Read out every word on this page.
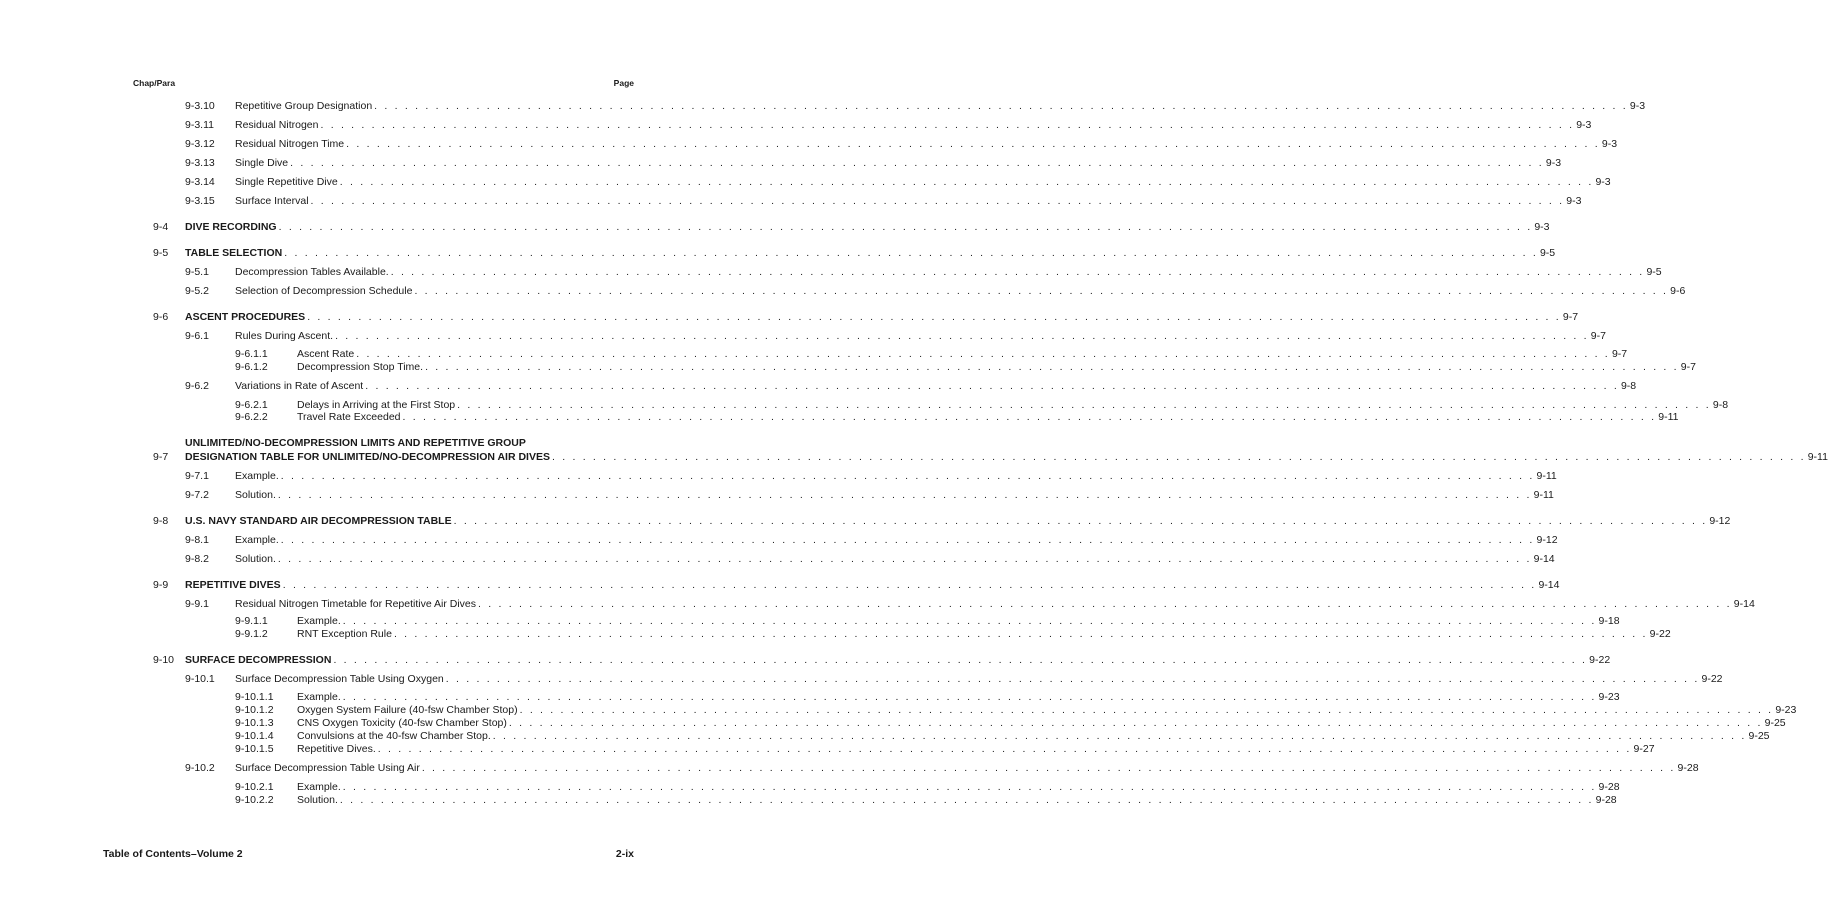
Chap/Para	Page
9-3.10 Repetitive Group Designation . . . . . . . . . . . . . . . . . . . . . . . . . . . . . . . . . . . . . . . . . . . . . . . . . . . . . . . . . . . . . . . . . . . . . . . . . . . . . . . . . . . . . . . . . . . . . . . . . . . . . . . . . . . . . . . . . . . . . . . . . . . 9-3
9-3.11 Residual Nitrogen . . . . . . . . . . . . . . . . . . . . . . . . . . . . . . . . . . . . . . . . . . . . . . . . . . . . . . . . . . . . . . . . . . . . . . . . . . . . . . . . . . . . . . . . . . . . . . . . . . . . . . . . . . . . . . . . . . . . . . . . . . . 9-3
9-3.12 Residual Nitrogen Time . . . . . . . . . . . . . . . . . . . . . . . . . . . . . . . . . . . . . . . . . . . . . . . . . . . . . . . . . . . . . . . . . . . . . . . . . . . . . . . . . . . . . . . . . . . . . . . . . . . . . . . . . . . . . . . . . . . . . . . . . . . 9-3
9-3.13 Single Dive . . . . . . . . . . . . . . . . . . . . . . . . . . . . . . . . . . . . . . . . . . . . . . . . . . . . . . . . . . . . . . . . . . . . . . . . . . . . . . . . . . . . . . . . . . . . . . . . . . . . . . . . . . . . . . . . . . . . . . . . . . . 9-3
9-3.14 Single Repetitive Dive . . . . . . . . . . . . . . . . . . . . . . . . . . . . . . . . . . . . . . . . . . . . . . . . . . . . . . . . . . . . . . . . . . . . . . . . . . . . . . . . . . . . . . . . . . . . . . . . . . . . . . . . . . . . . . . . . . . . . . . . . . . 9-3
9-3.15 Surface Interval . . . . . . . . . . . . . . . . . . . . . . . . . . . . . . . . . . . . . . . . . . . . . . . . . . . . . . . . . . . . . . . . . . . . . . . . . . . . . . . . . . . . . . . . . . . . . . . . . . . . . . . . . . . . . . . . . . . . . . . . . . . 9-3
9-4 DIVE RECORDING . . . . . . . . . . . . . . . . . . . . . . . . . . . . . . . . . . . . . . . . . . . . . . . . . . . . . . . . . . . . . . . . . . . . . . . . . . . . . . . . . . . . . . . . . . . . . . . . . . . . . . . . . . . . . . . . . . . . . . . . . . . 9-3
9-5 TABLE SELECTION . . . . . . . . . . . . . . . . . . . . . . . . . . . . . . . . . . . . . . . . . . . . . . . . . . . . . . . . . . . . . . . . . . . . . . . . . . . . . . . . . . . . . . . . . . . . . . . . . . . . . . . . . . . . . . . . . . . . . . . . . . . 9-5
9-5.1 Decompression Tables Available. . . . . . . . . . . . . . . . . . . . . . . . . . . . . . . . . . . . . . . . . . . . . . . . . . . . . . . . . . . . . . . . . . . . . . . . . . . . . . . . . . . . . . . . . . . . . . . . . . . . . . . . . . . . . . . . . . . . . . . . . . . . 9-5
9-5.2 Selection of Decompression Schedule . . . . . . . . . . . . . . . . . . . . . . . . . . . . . . . . . . . . . . . . . . . . . . . . . . . . . . . . . . . . . . . . . . . . . . . . . . . . . . . . . . . . . . . . . . . . . . . . . . . . . . . . . . . . . . . . . . . . . . . . . . . 9-6
9-6 ASCENT PROCEDURES . . . . . . . . . . . . . . . . . . . . . . . . . . . . . . . . . . . . . . . . . . . . . . . . . . . . . . . . . . . . . . . . . . . . . . . . . . . . . . . . . . . . . . . . . . . . . . . . . . . . . . . . . . . . . . . . . . . . . . . . . . . 9-7
9-6.1 Rules During Ascent. . . . . . . . . . . . . . . . . . . . . . . . . . . . . . . . . . . . . . . . . . . . . . . . . . . . . . . . . . . . . . . . . . . . . . . . . . . . . . . . . . . . . . . . . . . . . . . . . . . . . . . . . . . . . . . . . . . . . . . . . . . . 9-7
9-6.1.1	Ascent Rate . . . . . . . . . . . . . . . . . . . . . . . . . . . . . . . . . . . . . . . . . . . . . . . . . . . . . . . . . . . . . . . . . . . . . . . . . . . . . . . . . . . . . . . . . . . . . . . . . . . . . . . . . . . . . . . . . . . . . . . . . . . 9-7
9-6.1.2	Decompression Stop Time. . . . . . . . . . . . . . . . . . . . . . . . . . . . . . . . . . . . . . . . . . . . . . . . . . . . . . . . . . . . . . . . . . . . . . . . . . . . . . . . . . . . . . . . . . . . . . . . . . . . . . . . . . . . . . . . . . . . . . . . . . . . 9-7
9-6.2 Variations in Rate of Ascent . . . . . . . . . . . . . . . . . . . . . . . . . . . . . . . . . . . . . . . . . . . . . . . . . . . . . . . . . . . . . . . . . . . . . . . . . . . . . . . . . . . . . . . . . . . . . . . . . . . . . . . . . . . . . . . . . . . . . . . . . . . 9-8
9-6.2.1	Delays in Arriving at the First Stop . . . . . . . . . . . . . . . . . . . . . . . . . . . . . . . . . . . . . . . . . . . . . . . . . . . . . . . . . . . . . . . . . . . . . . . . . . . . . . . . . . . . . . . . . . . . . . . . . . . . . . . . . . . . . . . . . . . . . . . . . . . 9-8
9-6.2.2	Travel Rate Exceeded . . . . . . . . . . . . . . . . . . . . . . . . . . . . . . . . . . . . . . . . . . . . . . . . . . . . . . . . . . . . . . . . . . . . . . . . . . . . . . . . . . . . . . . . . . . . . . . . . . . . . . . . . . . . . . . . . . . . . . . . . . . 9-11
UNLIMITED/NO-DECOMPRESSION LIMITS AND REPETITIVE GROUP
9-7 DESIGNATION TABLE FOR UNLIMITED/NO-DECOMPRESSION AIR DIVES . . . . . . . . . . . . . . . . . . . . . . . . . . . . . . . . . . . . . . . . . . . . . . . . . . . . . . . . . . . . . . . . . . . . . . . . . . . . . . . . . . . . . . . . . . . . . . . . . . . . . . . . . . . . . . . . . . . . . . . . . . . 9-11
9-7.1 Example. . . . . . . . . . . . . . . . . . . . . . . . . . . . . . . . . . . . . . . . . . . . . . . . . . . . . . . . . . . . . . . . . . . . . . . . . . . . . . . . . . . . . . . . . . . . . . . . . . . . . . . . . . . . . . . . . . . . . . . . . . . . 9-11
9-7.2 Solution. . . . . . . . . . . . . . . . . . . . . . . . . . . . . . . . . . . . . . . . . . . . . . . . . . . . . . . . . . . . . . . . . . . . . . . . . . . . . . . . . . . . . . . . . . . . . . . . . . . . . . . . . . . . . . . . . . . . . . . . . . . . 9-11
9-8 U.S. NAVY STANDARD AIR DECOMPRESSION TABLE . . . . . . . . . . . . . . . . . . . . . . . . . . . . . . . . . . . . . . . . . . . . . . . . . . . . . . . . . . . . . . . . . . . . . . . . . . . . . . . . . . . . . . . . . . . . . . . . . . . . . . . . . . . . . . . . . . . . . . . . . . . 9-12
9-8.1 Example. . . . . . . . . . . . . . . . . . . . . . . . . . . . . . . . . . . . . . . . . . . . . . . . . . . . . . . . . . . . . . . . . . . . . . . . . . . . . . . . . . . . . . . . . . . . . . . . . . . . . . . . . . . . . . . . . . . . . . . . . . . . 9-12
9-8.2 Solution. . . . . . . . . . . . . . . . . . . . . . . . . . . . . . . . . . . . . . . . . . . . . . . . . . . . . . . . . . . . . . . . . . . . . . . . . . . . . . . . . . . . . . . . . . . . . . . . . . . . . . . . . . . . . . . . . . . . . . . . . . . . 9-14
9-9 REPETITIVE DIVES . . . . . . . . . . . . . . . . . . . . . . . . . . . . . . . . . . . . . . . . . . . . . . . . . . . . . . . . . . . . . . . . . . . . . . . . . . . . . . . . . . . . . . . . . . . . . . . . . . . . . . . . . . . . . . . . . . . . . . . . . . . 9-14
9-9.1 Residual Nitrogen Timetable for Repetitive Air Dives . . . . . . . . . . . . . . . . . . . . . . . . . . . . . . . . . . . . . . . . . . . . . . . . . . . . . . . . . . . . . . . . . . . . . . . . . . . . . . . . . . . . . . . . . . . . . . . . . . . . . . . . . . . . . . . . . . . . . . . . . . . 9-14
9-9.1.1	Example. . . . . . . . . . . . . . . . . . . . . . . . . . . . . . . . . . . . . . . . . . . . . . . . . . . . . . . . . . . . . . . . . . . . . . . . . . . . . . . . . . . . . . . . . . . . . . . . . . . . . . . . . . . . . . . . . . . . . . . . . . . . 9-18
9-9.1.2	RNT Exception Rule . . . . . . . . . . . . . . . . . . . . . . . . . . . . . . . . . . . . . . . . . . . . . . . . . . . . . . . . . . . . . . . . . . . . . . . . . . . . . . . . . . . . . . . . . . . . . . . . . . . . . . . . . . . . . . . . . . . . . . . . . . . 9-22
9-10 SURFACE DECOMPRESSION . . . . . . . . . . . . . . . . . . . . . . . . . . . . . . . . . . . . . . . . . . . . . . . . . . . . . . . . . . . . . . . . . . . . . . . . . . . . . . . . . . . . . . . . . . . . . . . . . . . . . . . . . . . . . . . . . . . . . . . . . . . 9-22
9-10.1 Surface Decompression Table Using Oxygen . . . . . . . . . . . . . . . . . . . . . . . . . . . . . . . . . . . . . . . . . . . . . . . . . . . . . . . . . . . . . . . . . . . . . . . . . . . . . . . . . . . . . . . . . . . . . . . . . . . . . . . . . . . . . . . . . . . . . . . . . . . 9-22
9-10.1.1 Example. . . . . . . . . . . . . . . . . . . . . . . . . . . . . . . . . . . . . . . . . . . . . . . . . . . . . . . . . . . . . . . . . . . . . . . . . . . . . . . . . . . . . . . . . . . . . . . . . . . . . . . . . . . . . . . . . . . . . . . . . . . . 9-23
9-10.1.2 Oxygen System Failure (40-fsw Chamber Stop) . . . . . . . . . . . . . . . . . . . . . . . . . . . . . . . . . . . . . . . . . . . . . . . . . . . . . . . . . . . . . . . . . . . . . . . . . . . . . . . . . . . . . . . . . . . . . . . . . . . . . . . . . . . . . . . . . . . . . . . . . . . 9-23
9-10.1.3 CNS Oxygen Toxicity (40-fsw Chamber Stop) . . . . . . . . . . . . . . . . . . . . . . . . . . . . . . . . . . . . . . . . . . . . . . . . . . . . . . . . . . . . . . . . . . . . . . . . . . . . . . . . . . . . . . . . . . . . . . . . . . . . . . . . . . . . . . . . . . . . . . . . . . . 9-25
9-10.1.4 Convulsions at the 40-fsw Chamber Stop. . . . . . . . . . . . . . . . . . . . . . . . . . . . . . . . . . . . . . . . . . . . . . . . . . . . . . . . . . . . . . . . . . . . . . . . . . . . . . . . . . . . . . . . . . . . . . . . . . . . . . . . . . . . . . . . . . . . . . . . . . . . 9-25
9-10.1.5 Repetitive Dives. . . . . . . . . . . . . . . . . . . . . . . . . . . . . . . . . . . . . . . . . . . . . . . . . . . . . . . . . . . . . . . . . . . . . . . . . . . . . . . . . . . . . . . . . . . . . . . . . . . . . . . . . . . . . . . . . . . . . . . . . . . . 9-27
9-10.2 Surface Decompression Table Using Air . . . . . . . . . . . . . . . . . . . . . . . . . . . . . . . . . . . . . . . . . . . . . . . . . . . . . . . . . . . . . . . . . . . . . . . . . . . . . . . . . . . . . . . . . . . . . . . . . . . . . . . . . . . . . . . . . . . . . . . . . . . 9-28
9-10.2.1 Example. . . . . . . . . . . . . . . . . . . . . . . . . . . . . . . . . . . . . . . . . . . . . . . . . . . . . . . . . . . . . . . . . . . . . . . . . . . . . . . . . . . . . . . . . . . . . . . . . . . . . . . . . . . . . . . . . . . . . . . . . . . . 9-28
9-10.2.2 Solution. . . . . . . . . . . . . . . . . . . . . . . . . . . . . . . . . . . . . . . . . . . . . . . . . . . . . . . . . . . . . . . . . . . . . . . . . . . . . . . . . . . . . . . . . . . . . . . . . . . . . . . . . . . . . . . . . . . . . . . . . . . . 9-28
Table of Contents–Volume 2	2-ix
